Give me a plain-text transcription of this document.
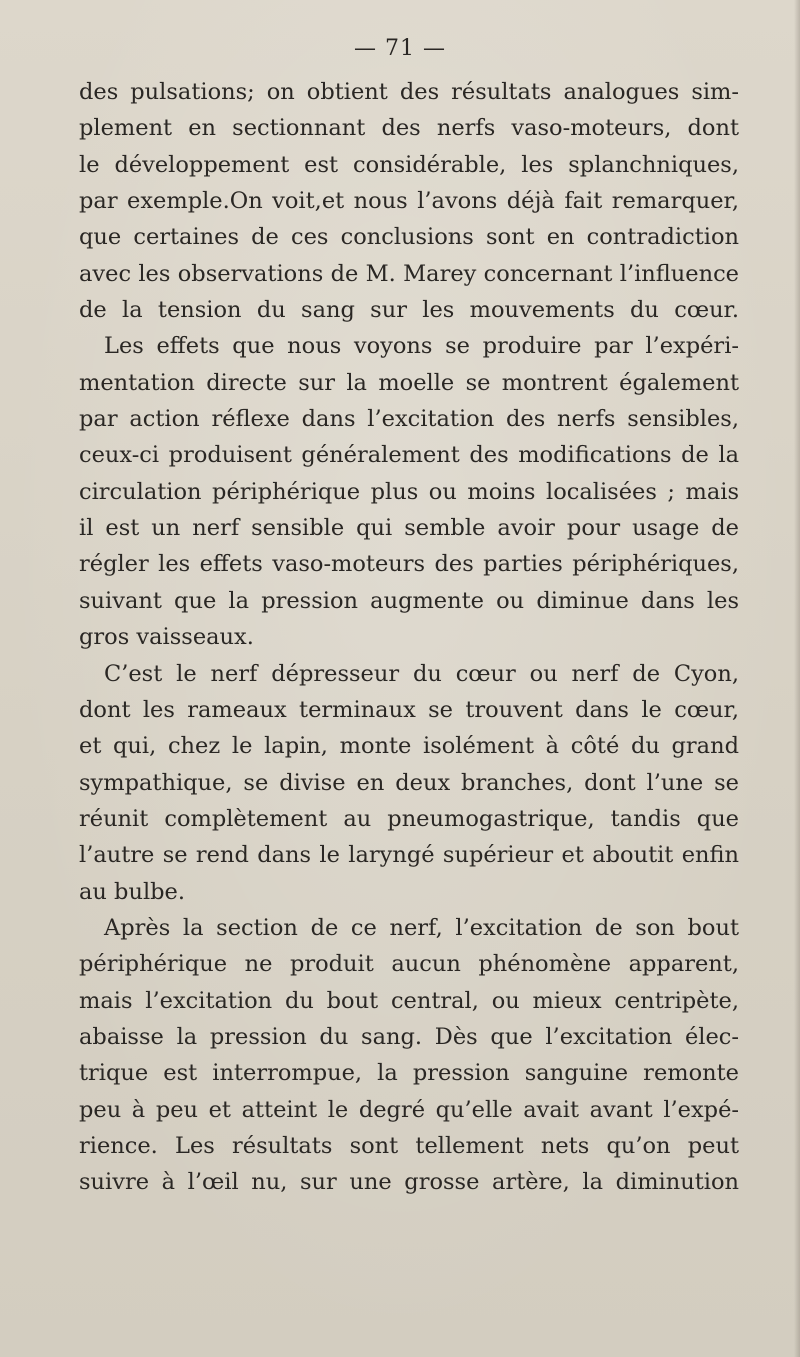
— 71 —
des pulsations; on obtient des résultats analogues sim-
plement en sectionnant des nerfs vaso-moteurs, dont
le développement est considérable, les splanchniques,
par exemple.On voit,et nous l’avons déjà fait remarquer,
que certaines de ces conclusions sont en contradiction
avec les observations de M. Marey concernant l’influence
de la tension du sang sur les mouvements du cœur.
Les effets que nous voyons se produire par l’expéri-
mentation directe sur la moelle se montrent également
par action réflexe dans l’excitation des nerfs sensibles,
ceux-ci produisent généralement des modifications de la
circulation périphérique plus ou moins localisées ; mais
il est un nerf sensible qui semble avoir pour usage de
régler les effets vaso-moteurs des parties périphériques,
suivant que la pression augmente ou diminue dans les
gros vaisseaux.
C’est le nerf dépresseur du cœur ou nerf de Cyon,
dont les rameaux terminaux se trouvent dans le cœur,
et qui, chez le lapin, monte isolément à côté du grand
sympathique, se divise en deux branches, dont l’une se
réunit complètement au pneumogastrique, tandis que
l’autre se rend dans le laryngé supérieur et aboutit enfin
au bulbe.
Après la section de ce nerf, l’excitation de son bout
périphérique ne produit aucun phénomène apparent,
mais l’excitation du bout central, ou mieux centripète,
abaisse la pression du sang. Dès que l’excitation élec-
trique est interrompue, la pression sanguine remonte
peu à peu et atteint le degré qu’elle avait avant l’expé-
rience. Les résultats sont tellement nets qu’on peut
suivre à l’œil nu, sur une grosse artère, la diminution
